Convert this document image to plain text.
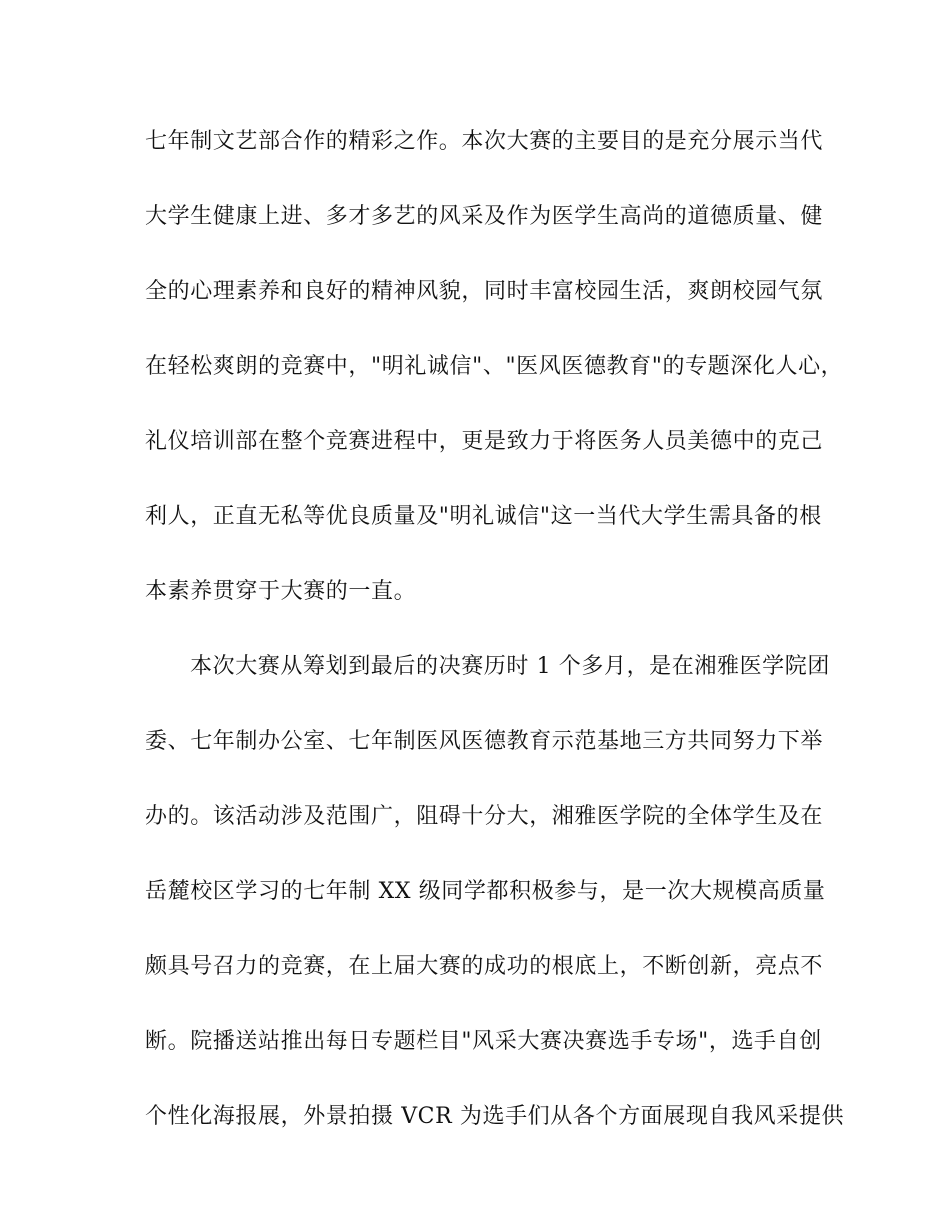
七年制文艺部合作的精彩之作。本次大赛的主要目的是充分展示当代
大学生健康上进、多才多艺的风采及作为医学生高尚的道德质量、健
全的心理素养和良好的精神风貌，同时丰富校园生活，爽朗校园气氛
在轻松爽朗的竞赛中，"明礼诚信"、"医风医德教育"的专题深化人心，
礼仪培训部在整个竞赛进程中，更是致力于将医务人员美德中的克己
利人，正直无私等优良质量及"明礼诚信"这一当代大学生需具备的根
本素养贯穿于大赛的一直。
本次大赛从筹划到最后的决赛历时 1 个多月，是在湘雅医学院团
委、七年制办公室、七年制医风医德教育示范基地三方共同努力下举
办的。该活动涉及范围广，阻碍十分大，湘雅医学院的全体学生及在
岳麓校区学习的七年制 XX 级同学都积极参与，是一次大规模高质量
颇具号召力的竞赛，在上届大赛的成功的根底上，不断创新，亮点不
断。院播送站推出每日专题栏目"风采大赛决赛选手专场"，选手自创
个性化海报展，外景拍摄 VCR 为选手们从各个方面展现自我风采提供
